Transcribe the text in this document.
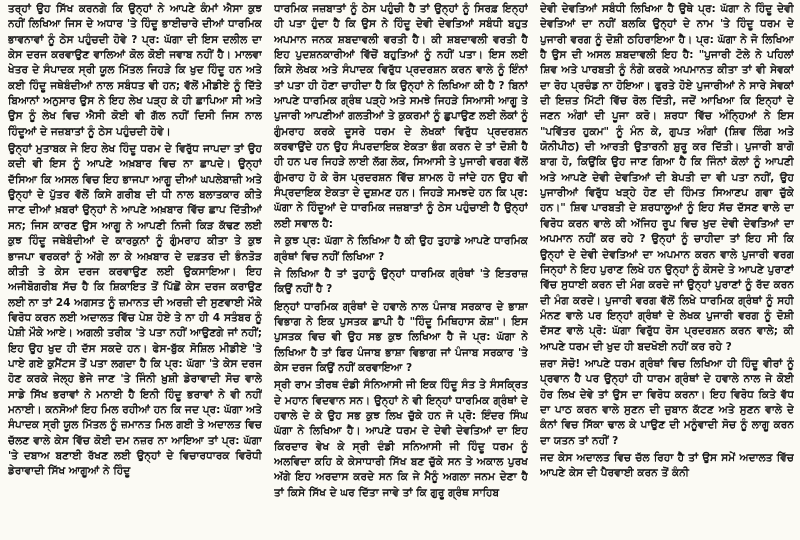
ਤਰ੍ਹਾਂ ਉਹ ਸਿੱਖ ਕਰਨਗੇ ਕਿ ਉਨ੍ਹਾਂ ਨੇ ਆਪਣੇ ਕੰਮਾਂ ਐਸਾ ਕੁਝ ਨਹੀਂ ਲਿਖਿਆ ਜਿਸ ਦੇ ਅਧਾਰ 'ਤੇ ਹਿੰਦੂ ਭਾਈਚਾਰੇ ਦੀਆਂ ਧਾਰਮਿਕ ਭਾਵਨਾਵਾਂ ਨੂੰ ਠੇਸ ਪਹੁੰਚਦੀ ਹੋਵੇ ? ਪ੍ਰ: ਘੱਗਾ ਦੀ ਇਸ ਦਲੀਲ ਦਾ ਕੇਸ ਦਰਜ ਕਰਵਾਉਣ ਵਾਲਿਆਂ ਕੋਲ ਕੋਈ ਜਵਾਬ ਨਹੀਂ ਹੈ। ਮਾਲਵਾ ਖੇਤਰ ਦੇ ਸੰਪਾਦਕ ਸ੍ਰੀ ਯੂਲ ਮਿੱਤਲ ਜਿਹੜੇ ਕਿ ਖੁਦ ਹਿੰਦੂ ਹਨ ਅਤੇ ਕਈ ਹਿੰਦੂ ਜਥੇਬੰਦੀਆਂ ਨਾਲ ਸਬੰਧਤ ਵੀ ਹਨ; ਵੱਲੋਂ ਮੀਡੀਏ ਨੂੰ ਦਿੱਤੇ ਬਿਆਨਾਂ ਅਨੁਸਾਰ ਉਸ ਨੇ ਇਹ ਲੇਖ ਪੜ੍ਹ ਕੇ ਹੀ ਛਾਪਿਆ ਸੀ ਅਤੇ ਉਸ ਨੂੰ ਲੇਖ ਵਿਚ ਐਸੀ ਕੋਈ ਵੀ ਗੱਲ ਨਹੀਂ ਦਿਸੀ ਜਿਸ ਨਾਲ ਹਿੰਦੂਆਂ ਦੇ ਜਜ਼ਬਾਤਾਂ ਨੂੰ ਠੇਸ ਪਹੁੰਚਦੀ ਹੋਵੇ।

ਉਨ੍ਹਾਂ ਮੁਤਾਬਕ ਜੇ ਇਹ ਲੇਖ ਹਿੰਦੂ ਧਰਮ ਦੇ ਵਿਰੁੱਧ ਜਾਪਦਾ ਤਾਂ ਉਹ ਕਦੀ ਵੀ ਇਸ ਨੂੰ ਆਪਣੇ ਅਖ਼ਬਾਰ ਵਿਚ ਨਾ ਛਾਪਦੇ। ਉਨ੍ਹਾਂ ਦੱਸਿਆ ਕਿ ਅਸਲ ਵਿਚ ਇਹ ਭਾਜਪਾ ਆਗੂ ਦੀਆਂ ਘਪਲੇਬਾਜ਼ੀ ਅਤੇ ਉਨ੍ਹਾਂ ਦੇ ਪੁੱਤਰ ਵੱਲੋਂ ਕਿਸੇ ਗਰੀਬ ਦੀ ਧੀ ਨਾਲ ਬਲਾਤਕਾਰ ਕੀਤੇ ਜਾਣ ਦੀਆਂ ਖ਼ਬਰਾਂ ਉਨ੍ਹਾਂ ਨੇ ਆਪਣੇ ਅਖ਼ਬਾਰ ਵਿੱਚ ਛਾਪ ਦਿੱਤੀਆਂ ਸਨ; ਜਿਸ ਕਾਰਣ ਉਸ ਆਗੂ ਨੇ ਆਪਣੀ ਨਿਜੀ ਕਿੜ ਕੱਢਣ ਲਈ ਕੁਝ ਹਿੰਦੂ ਜਥੇਬੰਦੀਆਂ ਦੇ ਕਾਰਕੁਨਾਂ ਨੂੰ ਗੁੰਮਰਾਹ ਕੀਤਾ ਤੇ ਕੁਝ ਭਾਜਪਾ ਵਰਕਰਾਂ ਨੂੰ ਅੱਗੇ ਲਾ ਕੇ ਅਖ਼ਬਾਰ ਦੇ ਦਫ਼ਤਰ ਦੀ ਭੰਨਤੋੜ ਕੀਤੀ ਤੇ ਕੇਸ ਦਰਜ ਕਰਵਾਉਣ ਲਈ ਉਕਸਾਇਆ। ਇਹ ਅਜੀਬੋਗਰੀਬ ਸੱਚ ਹੈ ਕਿ ਸ਼ਿਕਾਇਤ ਤੋਂ ਪਿੱਛੋਂ ਕੇਸ ਦਰਜ ਕਰਾਉਣ ਲਈ ਨਾ ਤਾਂ 24 ਅਗਸਤ ਨੂੰ ਜ਼ਮਾਨਤ ਦੀ ਅਰਜ਼ੀ ਦੀ ਸੁਣਵਾਈ ਮੌਕੇ ਵਿਰੋਧ ਕਰਨ ਲਈ ਅਦਾਲਤ ਵਿੱਚ ਪੇਸ਼ ਹੋਏ ਤੇ ਨਾ ਹੀ 4 ਸਤੰਬਰ ਨੂੰ ਪੇਸ਼ੀ ਮੌਕੇ ਆਏ। ਅਗਲੀ ਤਰੀਕ 'ਤੇ ਪਤਾ ਨਹੀਂ ਆਉਣਗੇ ਜਾਂ ਨਹੀਂ; ਇਹ ਉਹ ਖੁਦ ਹੀ ਦੱਸ ਸਕਦੇ ਹਨ। ਫੇਸ-ਬੁੱਕ ਸੋਸ਼ਿਲ ਮੀਡੀਏ 'ਤੇ ਪਾਏ ਗਏ ਕੁਮੈਂਟਸ ਤੋਂ ਪਤਾ ਲਗਦਾ ਹੈ ਕਿ ਪ੍ਰ: ਘੱਗਾ 'ਤੇ ਕੇਸ ਦਰਜ ਹੋਣ ਕਰਕੇ ਜੇਲ੍ਹ ਭੇਜੇ ਜਾਣ 'ਤੇ ਜਿੰਨੀ ਖ਼ੁਸ਼ੀ ਡੇਰਾਵਾਦੀ ਸੋਚ ਵਾਲੇ ਸਾਡੇ ਸਿੱਖ ਭਰਾਵਾਂ ਨੇ ਮਨਾਈ ਹੈ ਇਨੀ ਹਿੰਦੂ ਭਰਾਵਾਂ ਨੇ ਵੀ ਨਹੀਂ ਮਨਾਈ। ਕਨਸੋਆਂ ਇਹ ਮਿਲ ਰਹੀਆਂ ਹਨ ਕਿ ਜਦ ਪ੍ਰ: ਘੱਗਾ ਅਤੇ ਸੰਪਾਦਕ ਸ੍ਰੀ ਯੂਲ ਮਿੱਤਲ ਨੂੰ ਜ਼ਮਾਨਤ ਮਿਲ ਗਈ ਤੇ ਅਦਾਲਤ ਵਿਚ ਚੱਲਣ ਵਾਲੇ ਕੇਸ ਵਿੱਚ ਕੋਈ ਦਮ ਨਜ਼ਰ ਨਾ ਆਇਆ ਤਾਂ ਪ੍ਰ: ਘੱਗਾ 'ਤੇ ਦਬਾਅ ਬਣਾਈ ਰੱਖਣ ਲਈ ਉਨ੍ਹਾਂ ਦੇ ਵਿਚਾਰਧਾਰਕ ਵਿਰੋਧੀ ਡੇਰਾਵਾਦੀ ਸਿੱਖ ਆਗੂਆਂ ਨੇ ਹਿੰਦੂ

ਧਾਰਮਿਕ ਜਜ਼ਬਾਤਾਂ ਨੂੰ ਠੇਸ ਪਹੁੰਚੀ ਹੈ ਤਾਂ ਉਨ੍ਹਾਂ ਨੂੰ ਸਿਰਫ਼ ਇਨ੍ਹਾਂ ਹੀ ਪਤਾ ਹੁੰਦਾ ਹੈ ਕਿ ਉਸ ਨੇ ਹਿੰਦੂ ਦੇਵੀ ਦੇਵਤਿਆਂ ਸਬੰਧੀ ਬਹੁਤ ਅਪਮਾਨ ਜਨਕ ਸ਼ਬਦਾਵਲੀ ਵਰਤੀ ਹੈ। ਕੀ ਸ਼ਬਦਾਵਲੀ ਵਰਤੀ ਹੈ ਇਹ ਪੁਦਸ਼ਨਕਾਰੀਆਂ ਵਿੱਚੋਂ ਬਹੁਤਿਆਂ ਨੂੰ ਨਹੀਂ ਪਤਾ। ਇਸ ਲਈ ਕਿਸੇ ਲੇਖਕ ਅਤੇ ਸੰਪਾਦਕ ਵਿਰੁੱਧ ਪ੍ਰਦਰਸ਼ਨ ਕਰਨ ਵਾਲੇ ਨੂੰ ਇੰਨਾਂ ਤਾਂ ਪਤਾ ਹੀ ਹੋਣਾ ਚਾਹੀਦਾ ਹੈ ਕਿ ਉਨ੍ਹਾਂ ਨੇ ਲਿਖਿਆ ਕੀ ਹੈ ? ਬਿਨਾਂ ਆਪਣੇ ਧਾਰਮਿਕ ਗ੍ਰੰਥ ਪੜ੍ਹੇ ਅਤੇ ਸਮਝੇ ਜਿਹੜੇ ਸਿਆਸੀ ਆਗੂ ਤੇ ਪੁਜਾਰੀ ਆਪਣੀਆਂ ਗਲਤੀਆਂ ਤੇ ਕੁਕਰਮਾਂ ਨੂੰ ਛੁਪਾਉਣ ਲਈ ਲੋਕਾਂ ਨੂੰ ਗੁੰਮਰਾਹ ਕਰਕੇ ਦੂਸਰੇ ਧਰਮ ਦੇ ਲੇਖਕਾਂ ਵਿਰੁੱਧ ਪ੍ਰਦਰਸ਼ਨ ਕਰਵਾਉਂਦੇ ਹਨ ਉਹ ਸੰਪਰਦਾਇਕ ਏਕਤਾ ਭੰਗ ਕਰਨ ਦੇ ਤਾਂ ਦੋਸ਼ੀ ਹੈ ਹੀ ਹਨ ਪਰ ਜਿਹੜੇ ਲਾਈ ਲੱਗ ਲੋਕ, ਸਿਆਸੀ ਤੇ ਪੁਜਾਰੀ ਵਰਗ ਵੱਲੋਂ ਗੁੰਮਰਾਹ ਹੋ ਕੇ ਰੋਸ ਪ੍ਰਦਰਸ਼ਨ ਵਿੱਚ ਸ਼ਾਮਲ ਹੋ ਜਾਂਦੇ ਹਨ ਉਹ ਵੀ ਸੰਪ੍ਰਦਾਇਕ ਏਕਤਾ ਦੇ ਦੁਸ਼ਮਣ ਹਨ। ਜਿਹੜੇ ਸਮਝਦੇ ਹਨ ਕਿ ਪ੍ਰ: ਘੱਗਾ ਨੇ ਹਿੰਦੂਆਂ ਦੇ ਧਾਰਮਿਕ ਜਜ਼ਬਾਤਾਂ ਨੂੰ ਠੇਸ ਪਹੁੰਚਾਈ ਹੈ ਉਨ੍ਹਾਂ ਲਈ ਸਵਾਲ ਹੈ:

ਜੇ ਕੁਝ ਪ੍ਰ: ਘੱਗਾ ਨੇ ਲਿਖਿਆ ਹੈ ਕੀ ਉਹ ਤੁਹਾਡੇ ਆਪਣੇ ਧਾਰਮਿਕ ਗ੍ਰੰਥਾਂ ਵਿਚ ਨਹੀਂ ਲਿਖਿਆ ?

ਜੇ ਲਿਖਿਆ ਹੈ ਤਾਂ ਤੁਹਾਨੂੰ ਉਨ੍ਹਾਂ ਧਾਰਮਿਕ ਗ੍ਰੰਥਾਂ 'ਤੇ ਇਤਰਾਜ਼ ਕਿਉਂ ਨਹੀਂ ਹੈ ?

ਇਨ੍ਹਾਂ ਧਾਰਮਿਕ ਗ੍ਰੰਥਾਂ ਦੇ ਹਵਾਲੇ ਨਾਲ ਪੰਜਾਬ ਸਰਕਾਰ ਦੇ ਭਾਸ਼ਾ ਵਿਭਾਗ ਨੇ ਇਕ ਪੁਸਤਕ ਛਾਪੀ ਹੈ "ਹਿੰਦੂ ਮਿਥਿਹਾਸ ਕੋਸ਼"। ਇਸ ਪੁਸਤਕ ਵਿਚ ਵੀ ਉਹ ਸਭ ਕੁਝ ਲਿਖਿਆ ਹੈ ਜੋ ਪ੍ਰ: ਘੱਗਾ ਨੇ ਲਿਖਿਆ ਹੈ ਤਾਂ ਫਿਰ ਪੰਜਾਬ ਭਾਸ਼ਾ ਵਿਭਾਗ ਜਾਂ ਪੰਜਾਬ ਸਰਕਾਰ 'ਤੇ ਕੇਸ ਦਰਜ ਕਿਉਂ ਨਹੀਂ ਕਰਵਾਇਆ ?

ਸ੍ਰੀ ਰਾਮ ਤੀਰਥ ਦੰਡੀ ਸੰਨਿਆਸੀ ਜੀ ਇਕ ਹਿੰਦੂ ਸੰਤ ਤੇ ਸੰਸਕ੍ਰਿਤ ਦੇ ਮਹਾਨ ਵਿਦਵਾਨ ਸਨ। ਉਨ੍ਹਾਂ ਨੇ ਵੀ ਇਨ੍ਹਾਂ ਧਾਰਮਿਕ ਗ੍ਰੰਥਾਂ ਦੇ ਹਵਾਲੇ ਦੇ ਕੇ ਉਹ ਸਭ ਕੁਝ ਲਿਖ ਚੁੱਕੇ ਹਨ ਜੋ ਪ੍ਰੋ: ਇੰਦਰ ਸਿੰਘ ਘੱਗਾ ਨੇ ਲਿਖਿਆ ਹੈ। ਆਪਣੇ ਧਰਮ ਦੇ ਦੇਵੀ ਦੇਵਤਿਆਂ ਦਾ ਇਹ ਕਿਰਦਾਰ ਵੇਖ ਕੇ ਸ੍ਰੀ ਦੰਡੀ ਸਨਿਆਸੀ ਜੀ ਹਿੰਦੂ ਧਰਮ ਨੂੰ ਅਲਵਿਦਾ ਕਹਿ ਕੇ ਕੇਸਾਧਾਰੀ ਸਿੱਖ ਬਣ ਚੁੱਕੇ ਸਨ ਤੇ ਅਕਾਲ ਪੁਰਖ ਅੱਗੇ ਇਹ ਅਰਦਾਸ ਕਰਦੇ ਸਨ ਕਿ ਜੇ ਮੈਨੂੰ ਅਗਲਾ ਜਨਮ ਦੇਣਾ ਹੈ ਤਾਂ ਕਿਸੇ ਸਿੱਖ ਦੇ ਘਰ ਦਿੱਤਾ ਜਾਵੇ ਤਾਂ ਕਿ ਗੁਰੂ ਗ੍ਰੰਥ ਸਾਹਿਬ

ਦੇਵੀ ਦੇਵਤਿਆਂ ਸਬੰਧੀ ਲਿਖਿਆ ਹੈ ਉਥੇ ਪ੍ਰ: ਘੱਗਾ ਨੇ ਹਿੰਦੂ ਦੇਵੀ ਦੇਵਤਿਆਂ ਦਾ ਨਹੀਂ ਬਲਕਿ ਉਨ੍ਹਾਂ ਦੇ ਨਾਮ 'ਤੇ ਹਿੰਦੂ ਧਰਮ ਦੇ ਪੁਜਾਰੀ ਵਰਗ ਨੂੰ ਦੋਸ਼ੀ ਠਹਿਰਾਇਆ ਹੈ। ਪ੍ਰ: ਘੱਗਾ ਨੇ ਜੋ ਲਿਖਿਆ ਹੈ ਉਸ ਦੀ ਅਸਲ ਸ਼ਬਦਾਵਲੀ ਇਹ ਹੈ: "ਪੁਜਾਰੀ ਟੋਲੇ ਨੇ ਪਹਿਲਾਂ ਸ਼ਿਵ ਅਤੇ ਪਾਰਬਤੀ ਨੂੰ ਨੰਗੇ ਕਰਕੇ ਅਪਮਾਨਤ ਕੀਤਾ ਤਾਂ ਵੀ ਸੇਵਕਾਂ ਦਾ ਰੋਹ ਪ੍ਰਚੰਡ ਨਾ ਹੋਇਆ। ਫੁਰਤੇ ਹੋਏ ਪੁਜਾਰੀਆਂ ਨੇ ਸਾਰੇ ਸੇਵਕਾਂ ਦੀ ਇਜ਼ਤ ਮਿੱਟੀ ਵਿੱਚ ਰੋਲ ਦਿੱਤੀ, ਜਦੋਂ ਆਖਿਆ ਕਿ ਇਨ੍ਹਾਂ ਦੇ ਜਣਨ ਅੰਗਾਂ ਦੀ ਪੂਜਾ ਕਰੋ। ਸ਼ਰਧਾ ਵਿੱਚ ਅੰਨ੍ਹਿਆਂ ਨੇ ਇਸ "ਪਵਿੱਤਰ ਹੁਕਮ" ਨੂੰ ਮੰਨ ਕੇ, ਗੁਪਤ ਅੰਗਾਂ (ਸ਼ਿਵ ਲਿੰਗ ਅਤੇ ਯੋਨੀਪੀਠ) ਦੀ ਆਰਤੀ ਉਤਾਰਨੀ ਸ਼ੁਰੂ ਕਰ ਦਿੱਤੀ। ਪੁਜਾਰੀ ਬਾਗੋ ਬਾਗ ਹੋ, ਕਿਉਂਕਿ ਉਹ ਜਾਣ ਗਿਆ ਹੈ ਕਿ ਜਿੰਨਾਂ ਕੋਲਾਂ ਨੂੰ ਆਪਣੀ ਅਤੇ ਆਪਣੇ ਦੇਵੀ ਦੇਵਤਿਆਂ ਦੀ ਬੇਪਤੀ ਦਾ ਵੀ ਪਤਾ ਨਹੀਂ, ਉਹ ਪੁਜਾਰੀਆਂ ਵਿਰੁੱਧ ਖੜ੍ਹੇ ਹੋਣ ਦੀ ਹਿੰਮਤ ਸਿਆਣਪ ਗਵਾ ਚੁੱਕੇ ਹਨ।" ਸ਼ਿਵ ਪਾਰਬਤੀ ਦੇ ਸ਼ਰਧਾਲੂਆਂ ਨੂੰ ਇਹ ਸੱਚ ਦੱਸਣ ਵਾਲੇ ਦਾ ਵਿਰੋਧ ਕਰਨ ਵਾਲੇ ਕੀ ਅੱਜਿਹ ਰੂਪ ਵਿਚ ਖੁਦ ਦੇਵੀ ਦੇਵਤਿਆਂ ਦਾ ਅਪਮਾਨ ਨਹੀਂ ਕਰ ਰਹੇ ? ਉਨ੍ਹਾਂ ਨੂੰ ਚਾਹੀਦਾ ਤਾਂ ਇਹ ਸੀ ਕਿ ਉਨ੍ਹਾਂ ਦੇ ਦੇਵੀ ਦੇਵਤਿਆਂ ਦਾ ਅਪਮਾਨ ਕਰਨ ਵਾਲੇ ਪੁਜਾਰੀ ਵਰਗ ਜਿਨ੍ਹਾਂ ਨੇ ਇਹ ਪੁਰਾਣ ਲਿਖੇ ਹਨ ਉਨ੍ਹਾਂ ਨੂੰ ਕੋਸਦੇ ਤੇ ਆਪਣੇ ਪੁਰਾਣਾਂ ਵਿੱਚ ਸੁਧਾਈ ਕਰਨ ਦੀ ਮੰਗ ਕਰਦੇ ਜਾਂ ਉਨ੍ਹਾਂ ਪੁਰਾਣਾਂ ਨੂੰ ਰੱਦ ਕਰਨ ਦੀ ਮੰਗ ਕਰਦੇ। ਪੁਜਾਰੀ ਵਰਗ ਵੱਲੋਂ ਲਿਖੇ ਧਾਰਮਿਕ ਗ੍ਰੰਥਾਂ ਨੂੰ ਸਹੀ ਮੰਨਣ ਵਾਲੇ ਪਰ ਇਨ੍ਹਾਂ ਗ੍ਰੰਥਾਂ ਦੇ ਲੇਖਕ ਪੁਜਾਰੀ ਵਰਗ ਨੂੰ ਦੋਸ਼ੀ ਦੱਸਣ ਵਾਲੇ ਪ੍ਰੋ: ਘੱਗਾ ਵਿਰੁੱਧ ਰੋਸ ਪ੍ਰਦਰਸ਼ਨ ਕਰਨ ਵਾਲੇ; ਕੀ ਆਪਣੇ ਧਰਮ ਦੀ ਖੁਦ ਹੀ ਬਦਖੋਈ ਨਹੀਂ ਕਰ ਰਹੇ ?

ਜ਼ਰਾ ਸੋਚੋ! ਆਪਣੇ ਧਰਮ ਗ੍ਰੰਥਾਂ ਵਿਚ ਲਿਖਿਆ ਹੀ ਹਿੰਦੂ ਵੀਰਾਂ ਨੂੰ ਪ੍ਰਵਾਨ ਹੈ ਪਰ ਉਨ੍ਹਾਂ ਹੀ ਧਾਰਮ ਗ੍ਰੰਥਾਂ ਦੇ ਹਵਾਲੇ ਨਾਲ ਜੇ ਕੋਈ ਹੋਰ ਲਿਖ ਦੇਵੇ ਤਾਂ ਉਸ ਦਾ ਵਿਰੋਧ ਕਰਨਾ। ਇਹ ਵਿਰੋਧ ਕਿਤੇ ਵੱਧ ਦਾ ਪਾਠ ਕਰਨ ਵਾਲੇ ਸੁਣਨ ਦੀ ਜ਼ੁਬਾਨ ਕੱਟਣ ਅਤੇ ਸੁਣਨ ਵਾਲੇ ਦੇ ਕੰਨਾਂ ਵਿਚ ਸਿੱਕਾ ਢਾਲ ਕੇ ਪਾਉਣ ਦੀ ਮਨੂੰਵਾਦੀ ਸੋਚ ਨੂੰ ਲਾਗੂ ਕਰਨ ਦਾ ਯਤਨ ਤਾਂ ਨਹੀਂ ?

ਜਦ ਕੇਸ ਅਦਾਲਤ ਵਿਚ ਚੱਲ ਰਿਹਾ ਹੈ ਤਾਂ ਉਸ ਸਮੇਂ ਅਦਾਲਤ ਵਿੱਚ ਆਪਣੇ ਕੇਸ ਦੀ ਪੈਰਵਾਈ ਕਰਨ ਤੋਂ ਕੰਨੀ
